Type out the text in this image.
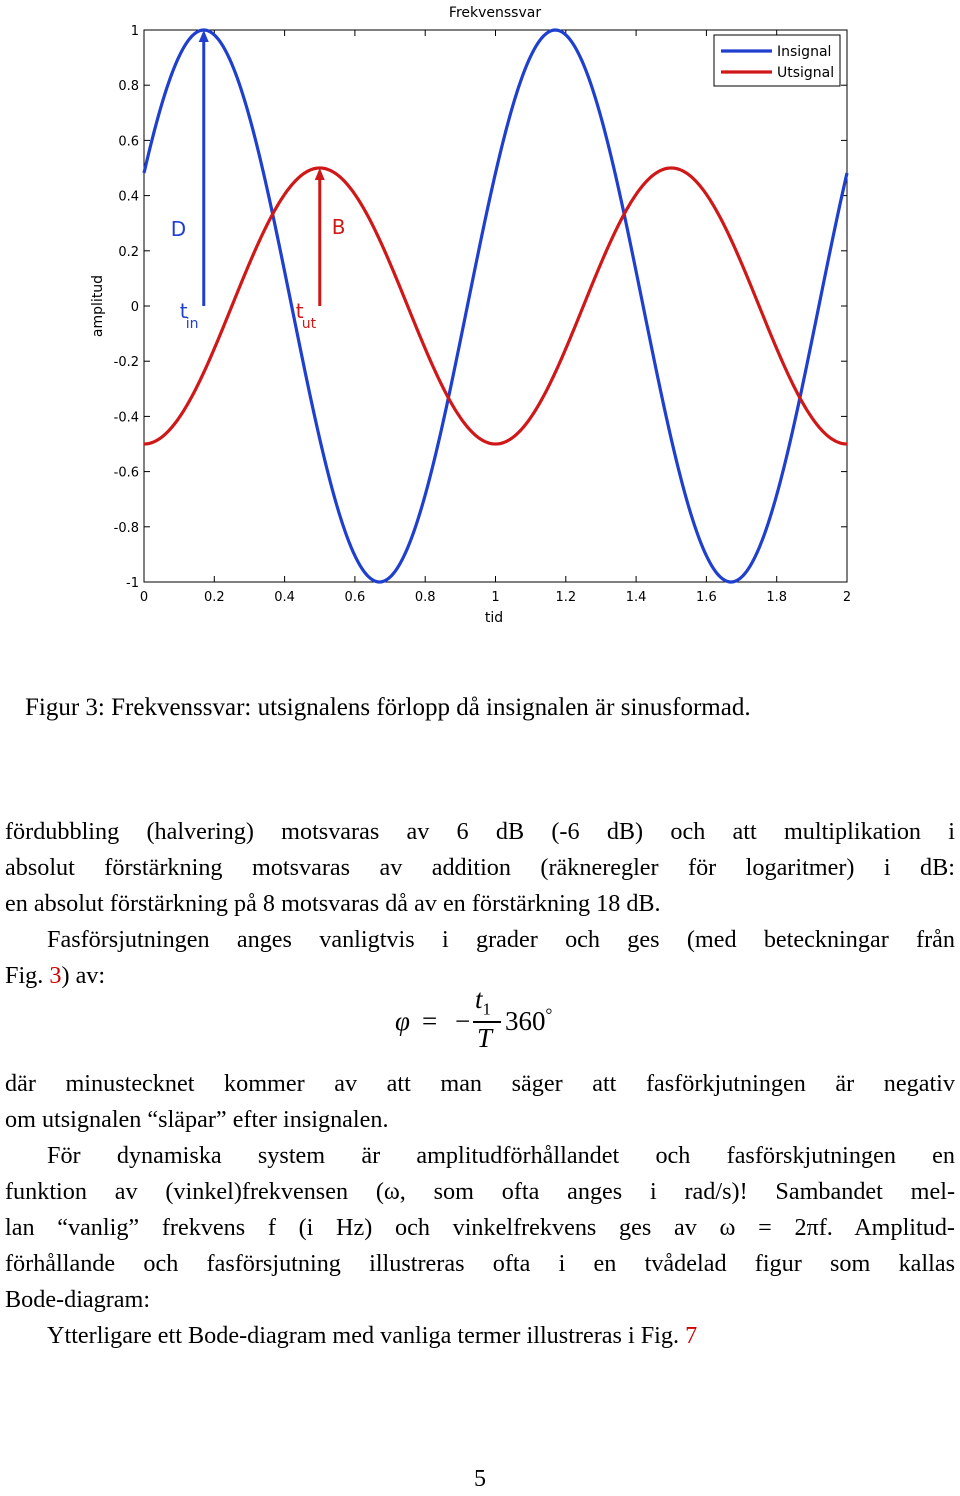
Frekvenssvar
1
0.8
0.6
0.4
0.2
0
-0.2
-0.4
-0.6
-0.8
-1
0	0.2	0.4	0.6	0.8	1	1.2	1.4	1.6	1.8	2
tid
amplitud
D
t
in
B
t
ut
Insignal
Utsignal
Figur 3: Frekvenssvar: utsignalens förlopp då insignalen är sinusformad.
fördubbling (halvering) motsvaras av 6 dB (-6 dB) och att multiplikation i
absolut förstärkning motsvaras av addition (räkneregler för logaritmer) i dB:
en absolut förstärkning på 8 motsvaras då av en förstärkning 18 dB.
Fasförsjutningen anges vanligtvis i grader och ges (med beteckningar från
Fig. 3) av:
φ = −
$t_1$
T
360 ◦
där minustecknet kommer av att man säger att fasförkjutningen är negativ
om utsignalen “släpar” efter insignalen.
För dynamiska system är amplitudförhållandet och fasförskjutningen en
funktion av (vinkel)frekvensen (ω, som ofta anges i rad/s)! Sambandet mel-
lan “vanlig” frekvens f (i Hz) och vinkelfrekvens ges av ω = 2πf. Amplitud-
förhållande och fasförsjutning illustreras ofta i en tvådelad figur som kallas
Bode-diagram:
Ytterligare ett Bode-diagram med vanliga termer illustreras i Fig. 7
5
